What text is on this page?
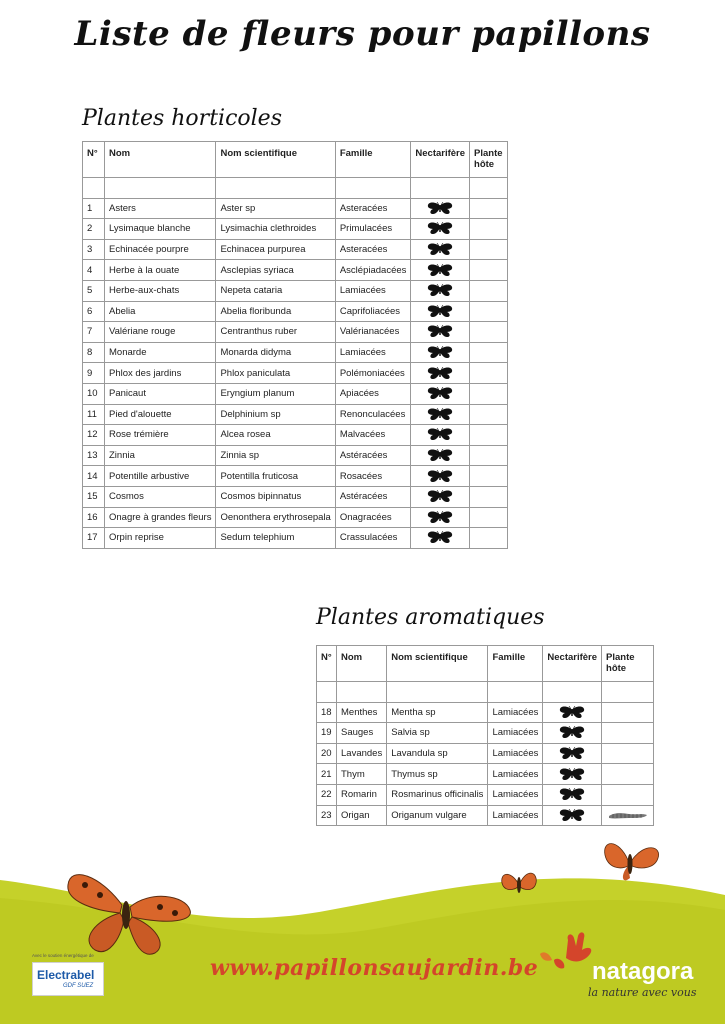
Liste de fleurs pour papillons
Plantes horticoles
N°	Nom	Nom scientifique	Famille	Nectarifère	Plante hôte

1	Asters	Aster sp	Asteracées	

2	Lysimaque blanche	Lysimachia clethroides	Primulacées	

3	Echinacée pourpre	Echinacea purpurea	Asteracées	

4	Herbe à la ouate	Asclepias syriaca	Asclépiadacées	

5	Herbe-aux-chats	Nepeta cataria	Lamiacées	

6	Abelia	Abelia floribunda	Caprifoliacées	

7	Valériane rouge	Centranthus ruber	Valérianacées	

8	Monarde	Monarda didyma	Lamiacées	

9	Phlox des jardins	Phlox paniculata	Polémoniacées	

10	Panicaut	Eryngium planum	Apiacées	

11	Pied d'alouette	Delphinium sp	Renonculacées	

12	Rose trémière	Alcea rosea	Malvacées	

13	Zinnia	Zinnia sp	Astéracées	

14	Potentille arbustive	Potentilla fruticosa	Rosacées	

15	Cosmos	Cosmos bipinnatus	Astéracées	

16	Onagre à grandes fleurs	Oenonthera erythrosepala	Onagracées	

17	Orpin reprise	Sedum telephium	Crassulacées	

Plantes aromatiques
N°	Nom	Nom scientifique	Famille	Nectarifère	Plante hôte

18	Menthes	Mentha sp	Lamiacées	

19	Sauges	Salvia sp	Lamiacées	

20	Lavandes	Lavandula sp	Lamiacées	

21	Thym	Thymus sp	Lamiacées	

22	Romarin	Rosmarinus officinalis	Lamiacées	

23	Origan	Origanum vulgare	Lamiacées	

www.papillonsaujardin.be
Avec le soutien énergétique de
Electrabel
GDF SUEZ
natagora
la nature avec vous
